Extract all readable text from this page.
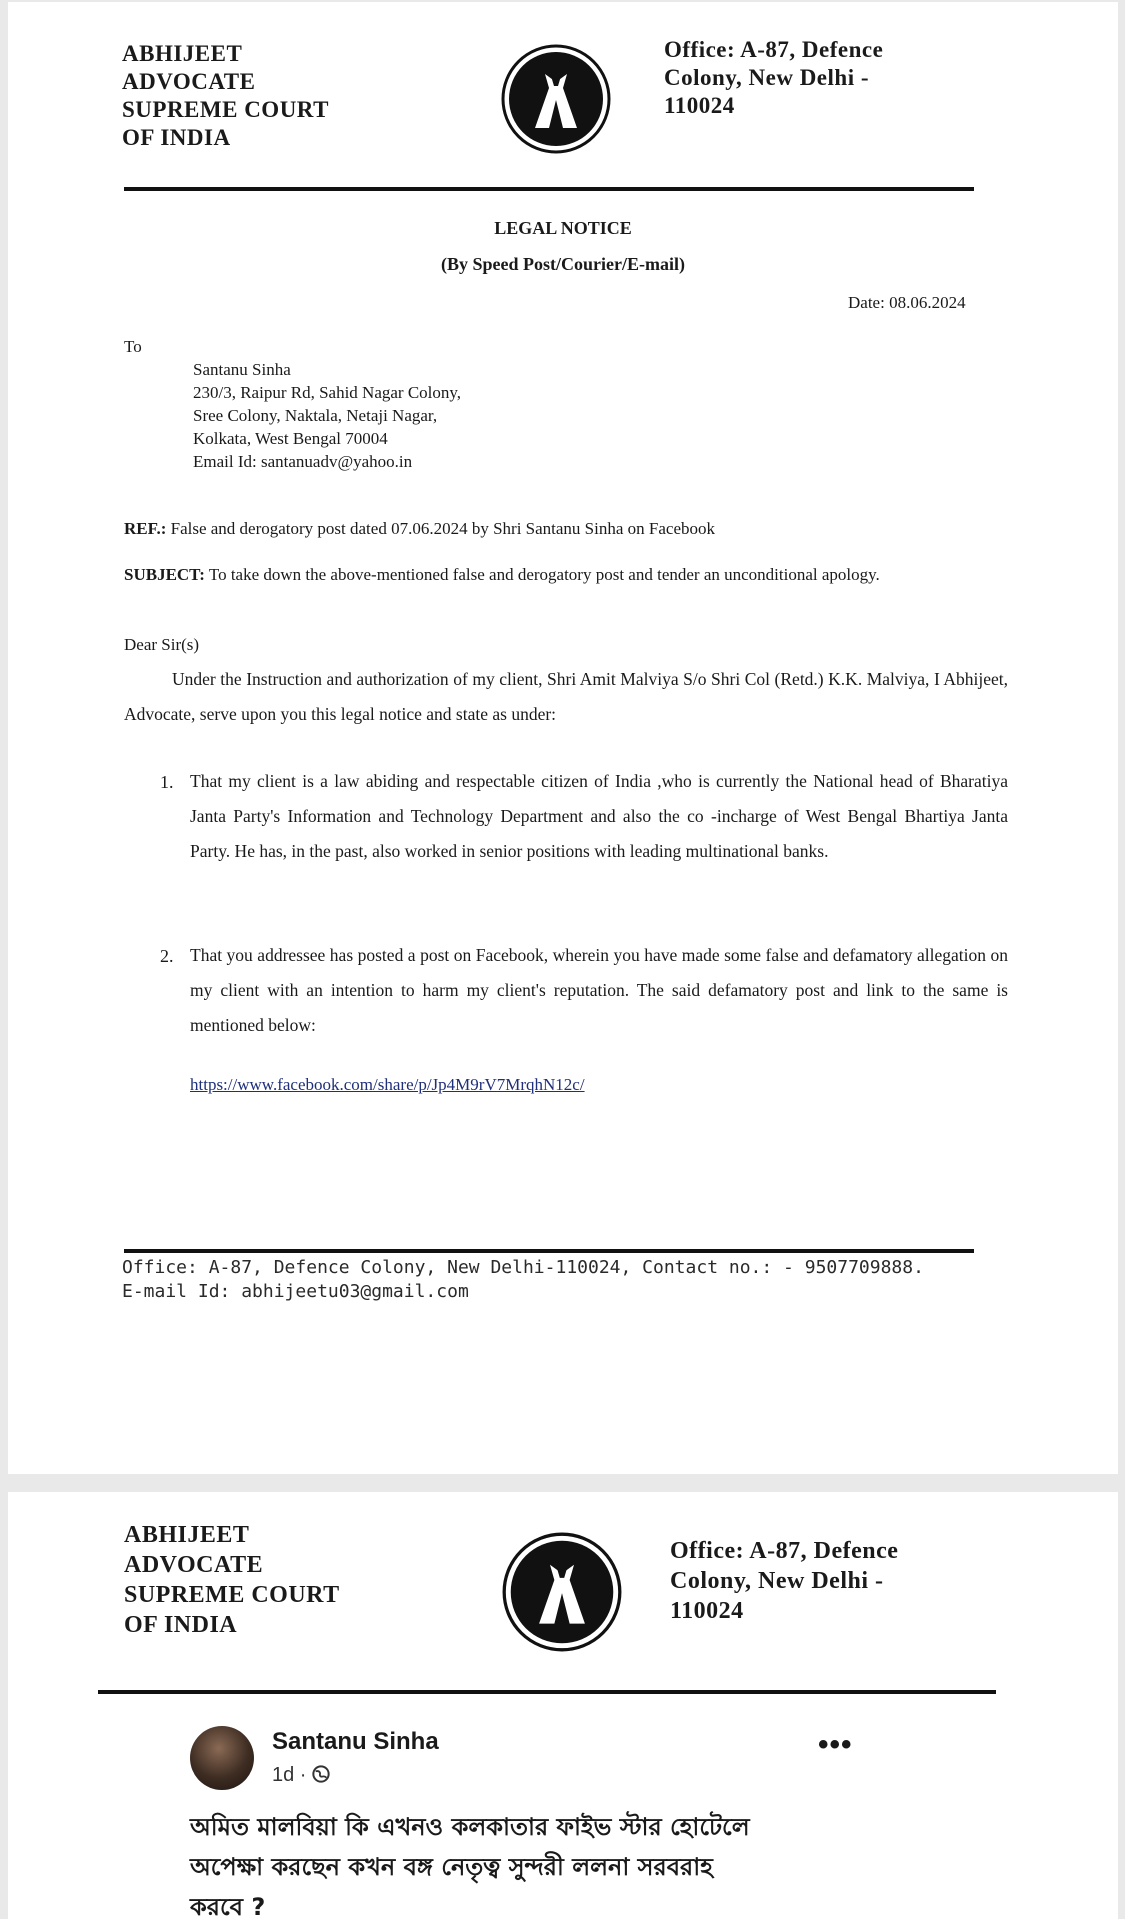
ABHIJEET
ADVOCATE
SUPREME COURT
OF INDIA
Office: A-87, Defence
Colony, New Delhi -
110024
LEGAL NOTICE
(By Speed Post/Courier/E-mail)
Date: 08.06.2024
To
Santanu Sinha
230/3, Raipur Rd, Sahid Nagar Colony,
Sree Colony, Naktala, Netaji Nagar,
Kolkata, West Bengal 70004
Email Id: santanuadv@yahoo.in
REF.: False and derogatory post dated 07.06.2024 by Shri Santanu Sinha on Facebook
SUBJECT: To take down the above-mentioned false and derogatory post and tender an unconditional apology.
Dear Sir(s)
Under the Instruction and authorization of my client, Shri Amit Malviya S/o Shri Col (Retd.) K.K. Malviya, I Abhijeet, Advocate, serve upon you this legal notice and state as under:
1. That my client is a law abiding and respectable citizen of India ,who is currently the National head of Bharatiya Janta Party's Information and Technology Department and also the co -incharge of West Bengal Bhartiya Janta Party. He has, in the past, also worked in senior positions with leading multinational banks.
2. That you addressee has posted a post on Facebook, wherein you have made some false and defamatory allegation on my client with an intention to harm my client's reputation. The said defamatory post and link to the same is mentioned below:
https://www.facebook.com/share/p/Jp4M9rV7MrqhN12c/
Office: A-87, Defence Colony, New Delhi-110024, Contact no.: - 9507709888.
E-mail Id: abhijeetu03@gmail.com
ABHIJEET
ADVOCATE
SUPREME COURT
OF INDIA
Office: A-87, Defence
Colony, New Delhi -
110024
Santanu Sinha
1d ·
•••
অমিত মালবিয়া কি এখনও কলকাতার ফাইভ স্টার হোটেলে
অপেক্ষা করছেন কখন বঙ্গ নেতৃত্ব সুন্দরী ললনা সরবরাহ
করবে ?
